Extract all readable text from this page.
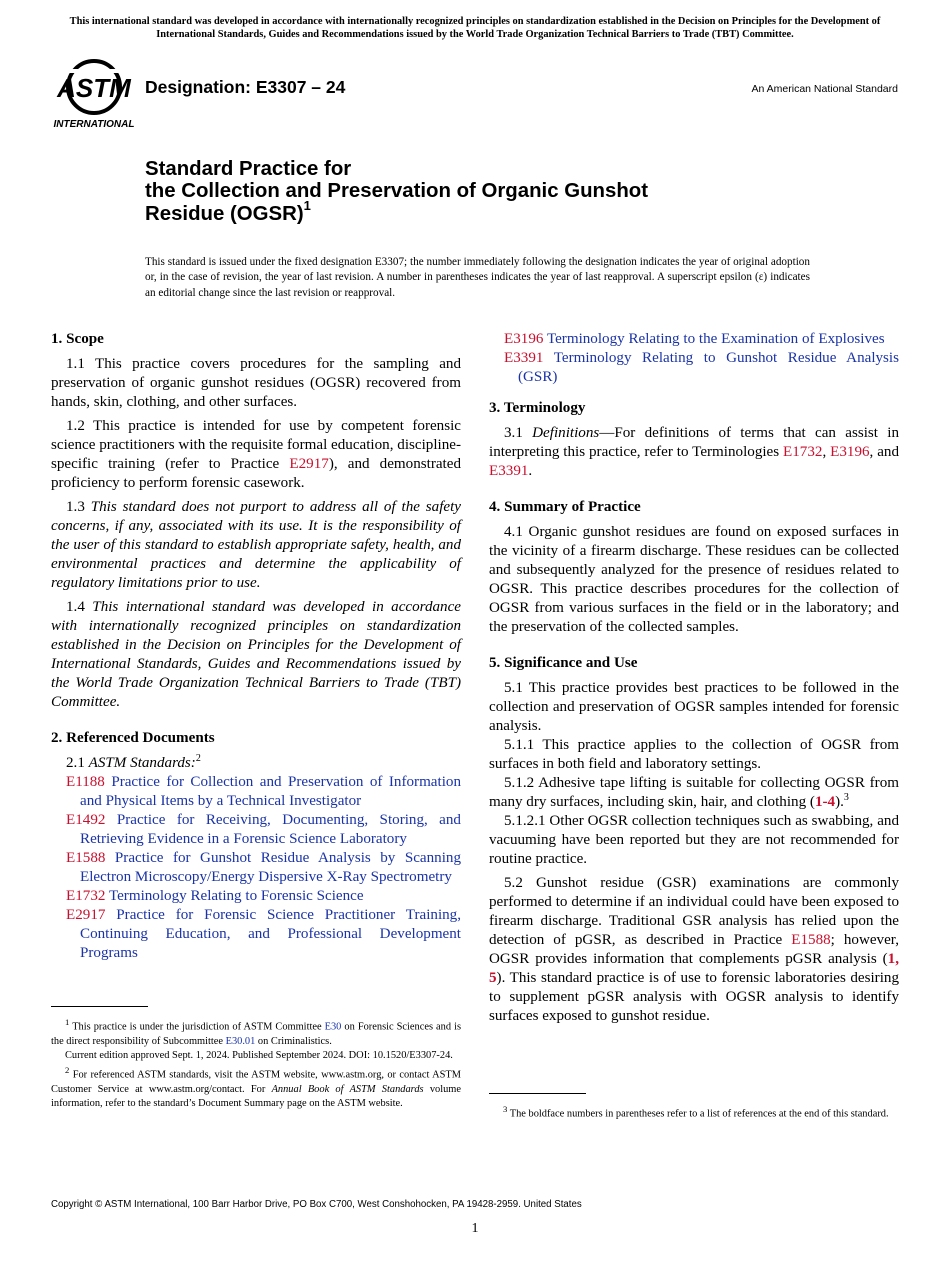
This international standard was developed in accordance with internationally recognized principles on standardization established in the Decision on Principles for the Development of International Standards, Guides and Recommendations issued by the World Trade Organization Technical Barriers to Trade (TBT) Committee.
ASTM
INTERNATIONAL
Designation: E3307 – 24	An American National Standard
Standard Practice for
the Collection and Preservation of Organic Gunshot
Residue (OGSR)$^1$
This standard is issued under the fixed designation E3307; the number immediately following the designation indicates the year of original adoption or, in the case of revision, the year of last revision. A number in parentheses indicates the year of last reapproval. A superscript epsilon (ε) indicates an editorial change since the last revision or reapproval.
1. Scope

1.1 This practice covers procedures for the sampling and preservation of organic gunshot residues (OGSR) recovered from hands, skin, clothing, and other surfaces.

1.2 This practice is intended for use by competent forensic science practitioners with the requisite formal education, discipline-specific training (refer to Practice E2917), and demonstrated proficiency to perform forensic casework.

1.3 This standard does not purport to address all of the safety concerns, if any, associated with its use. It is the responsibility of the user of this standard to establish appropriate safety, health, and environmental practices and determine the applicability of regulatory limitations prior to use.

1.4 This international standard was developed in accordance with internationally recognized principles on standardization established in the Decision on Principles for the Development of International Standards, Guides and Recommendations issued by the World Trade Organization Technical Barriers to Trade (TBT) Committee.

2. Referenced Documents

2.1 ASTM Standards:$^2$

E1188 Practice for Collection and Preservation of Information and Physical Items by a Technical Investigator
E1492 Practice for Receiving, Documenting, Storing, and Retrieving Evidence in a Forensic Science Laboratory
E1588 Practice for Gunshot Residue Analysis by Scanning Electron Microscopy/Energy Dispersive X-Ray Spectrometry
E1732 Terminology Relating to Forensic Science
E2917 Practice for Forensic Science Practitioner Training, Continuing Education, and Professional Development Programs

$^1$ This practice is under the jurisdiction of ASTM Committee E30 on Forensic Sciences and is the direct responsibility of Subcommittee E30.01 on Criminalistics.

Current edition approved Sept. 1, 2024. Published September 2024. DOI: 10.1520/E3307-24.

$^2$ For referenced ASTM standards, visit the ASTM website, www.astm.org, or contact ASTM Customer Service at www.astm.org/contact. For Annual Book of ASTM Standards volume information, refer to the standard’s Document Summary page on the ASTM website.

E3196 Terminology Relating to the Examination of Explosives
E3391 Terminology Relating to Gunshot Residue Analysis (GSR)
3. Terminology

3.1 Definitions—For definitions of terms that can assist in interpreting this practice, refer to Terminologies E1732, E3196, and E3391.

4. Summary of Practice

4.1 Organic gunshot residues are found on exposed surfaces in the vicinity of a firearm discharge. These residues can be collected and subsequently analyzed for the presence of residues related to OGSR. This practice describes procedures for the collection of OGSR from various surfaces in the field or in the laboratory; and the preservation of the collected samples.

5. Significance and Use

5.1 This practice provides best practices to be followed in the collection and preservation of OGSR samples intended for forensic analysis.

5.1.1 This practice applies to the collection of OGSR from surfaces in both field and laboratory settings.

5.1.2 Adhesive tape lifting is suitable for collecting OGSR from many dry surfaces, including skin, hair, and clothing (1-4).$^3$

5.1.2.1 Other OGSR collection techniques such as swabbing, and vacuuming have been reported but they are not recommended for routine practice.

5.2 Gunshot residue (GSR) examinations are commonly performed to determine if an individual could have been exposed to firearm discharge. Traditional GSR analysis has relied upon the detection of pGSR, as described in Practice E1588; however, OGSR provides information that complements pGSR analysis (1, 5). This standard practice is of use to forensic laboratories desiring to supplement pGSR analysis with OGSR analysis to identify surfaces exposed to gunshot residue.

$^3$ The boldface numbers in parentheses refer to a list of references at the end of this standard.

Copyright © ASTM International, 100 Barr Harbor Drive, PO Box C700, West Conshohocken, PA 19428-2959. United States
1
